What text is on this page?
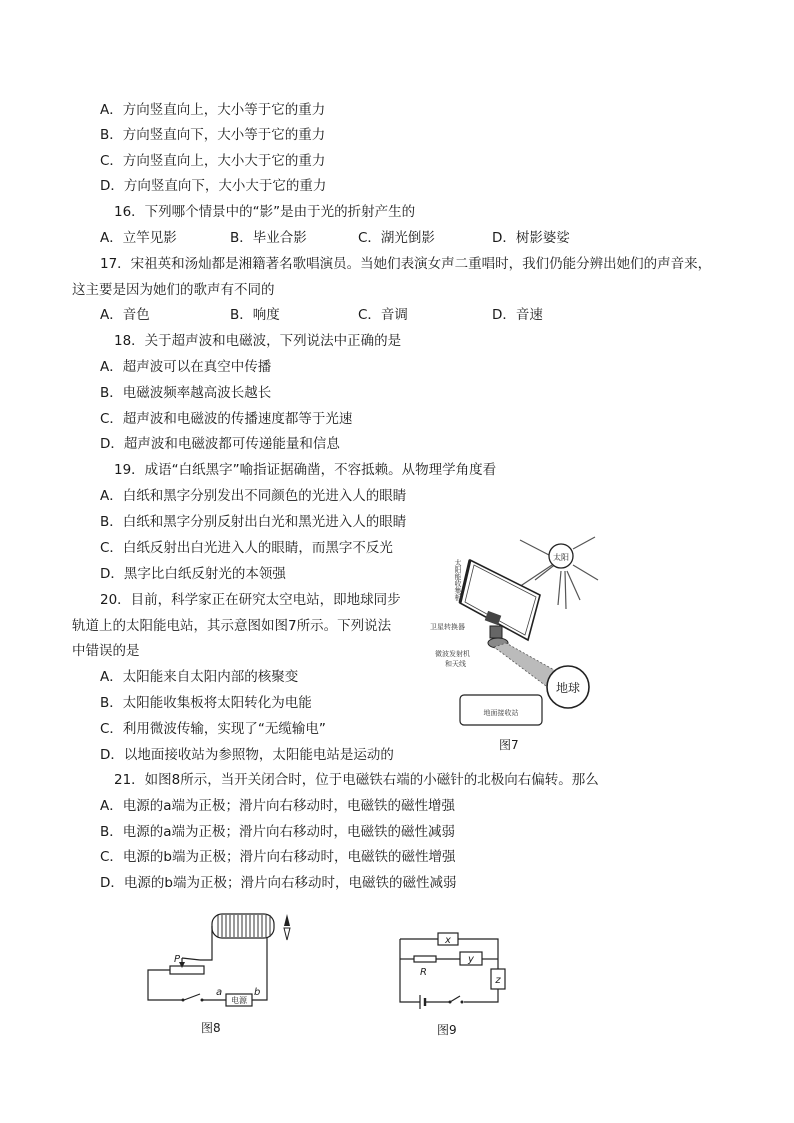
A．方向竖直向上，大小等于它的重力
B．方向竖直向下，大小等于它的重力
C．方向竖直向上，大小大于它的重力
D．方向竖直向下，大小大于它的重力
16．下列哪个情景中的“影”是由于光的折射产生的
A．立竿见影	B．毕业合影	C．湖光倒影	D．树影婆娑
17．宋祖英和汤灿都是湘籍著名歌唱演员。当她们表演女声二重唱时，我们仍能分辨出她们的声音来，
这主要是因为她们的歌声有不同的
A．音色	B．响度	C．音调	D．音速
18．关于超声波和电磁波，下列说法中正确的是
A．超声波可以在真空中传播
B．电磁波频率越高波长越长
C．超声波和电磁波的传播速度都等于光速
D．超声波和电磁波都可传递能量和信息
19．成语“白纸黑字”喻指证据确凿，不容抵赖。从物理学角度看
A．白纸和黑字分别发出不同颜色的光进入人的眼睛
B．白纸和黑字分别反射出白光和黑光进入人的眼睛
C．白纸反射出白光进入人的眼睛，而黑字不反光
D．黑字比白纸反射光的本领强
20．目前，科学家正在研究太空电站，即地球同步
轨道上的太阳能电站，其示意图如图7所示。下列说法
中错误的是
A．太阳能来自太阳内部的核聚变
B．太阳能收集板将太阳转化为电能
C．利用微波传输，实现了“无缆输电”
D．以地面接收站为参照物，太阳能电站是运动的
21．如图8所示，当开关闭合时，位于电磁铁右端的小磁针的北极向右偏转。那么
A．电源的a端为正极；滑片向右移动时，电磁铁的磁性增强
B．电源的a端为正极；滑片向右移动时，电磁铁的磁性减弱
C．电源的b端为正极；滑片向右移动时，电磁铁的磁性增强
D．电源的b端为正极；滑片向右移动时，电磁铁的磁性减弱
太阳
太阳能收集板
卫星转换器
微波发射机
和天线
地球
地面接收站
图7
P
电源
a	b
图8
x
R
y
z
图9
